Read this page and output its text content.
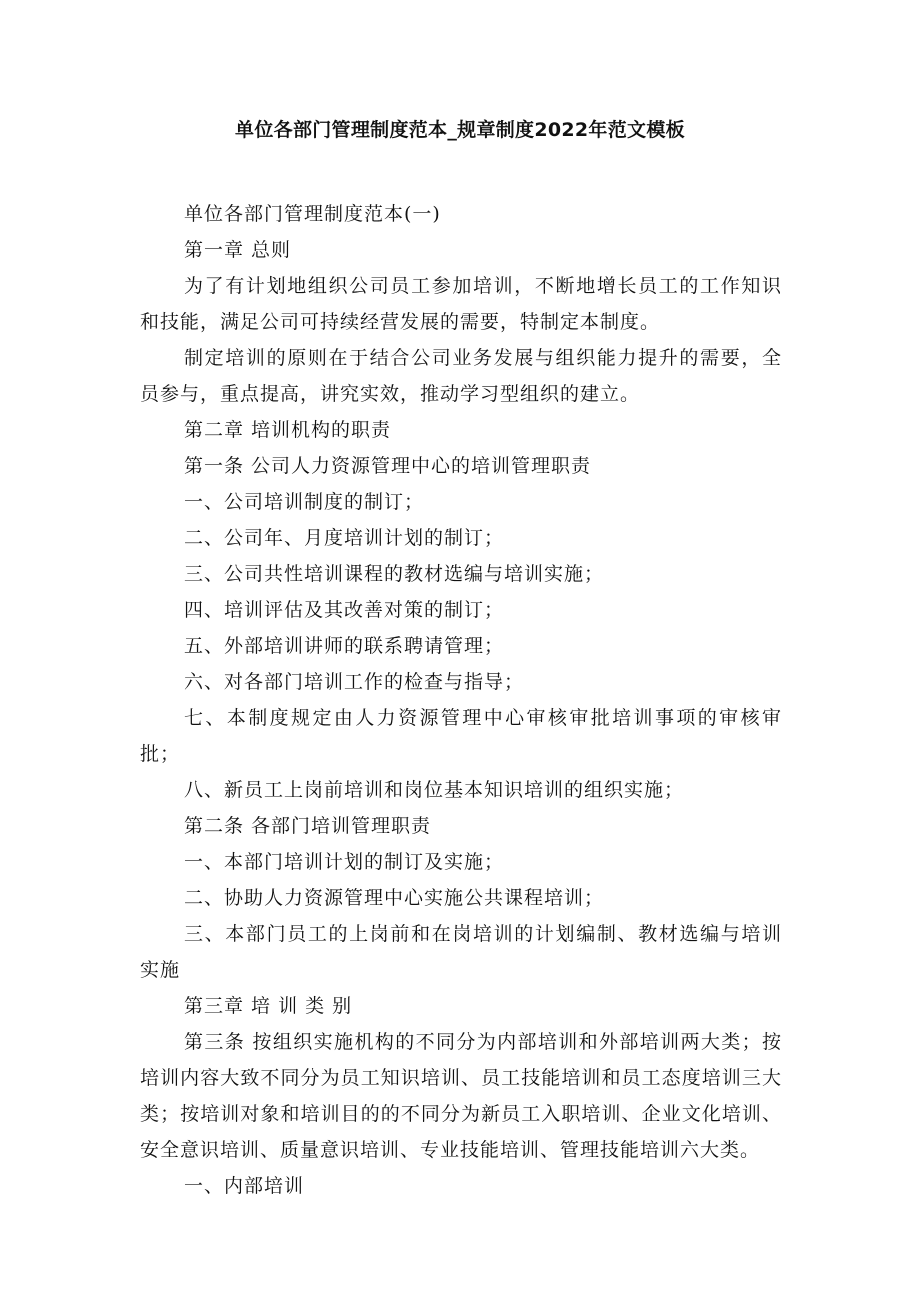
单位各部门管理制度范本_规章制度2022年范文模板

单位各部门管理制度范本(一)

第一章 总则

为了有计划地组织公司员工参加培训，不断地增长员工的工作知识和技能，满足公司可持续经营发展的需要，特制定本制度。

制定培训的原则在于结合公司业务发展与组织能力提升的需要，全员参与，重点提高，讲究实效，推动学习型组织的建立。

第二章 培训机构的职责

第一条 公司人力资源管理中心的培训管理职责

一、公司培训制度的制订；

二、公司年、月度培训计划的制订；

三、公司共性培训课程的教材选编与培训实施；

四、培训评估及其改善对策的制订；

五、外部培训讲师的联系聘请管理；

六、对各部门培训工作的检查与指导；

七、本制度规定由人力资源管理中心审核审批培训事项的审核审批；

八、新员工上岗前培训和岗位基本知识培训的组织实施；

第二条 各部门培训管理职责

一、本部门培训计划的制订及实施；

二、协助人力资源管理中心实施公共课程培训；

三、本部门员工的上岗前和在岗培训的计划编制、教材选编与培训实施

第三章 培 训 类 别

第三条 按组织实施机构的不同分为内部培训和外部培训两大类；按培训内容大致不同分为员工知识培训、员工技能培训和员工态度培训三大类；按培训对象和培训目的的不同分为新员工入职培训、企业文化培训、安全意识培训、质量意识培训、专业技能培训、管理技能培训六大类。

一、内部培训
